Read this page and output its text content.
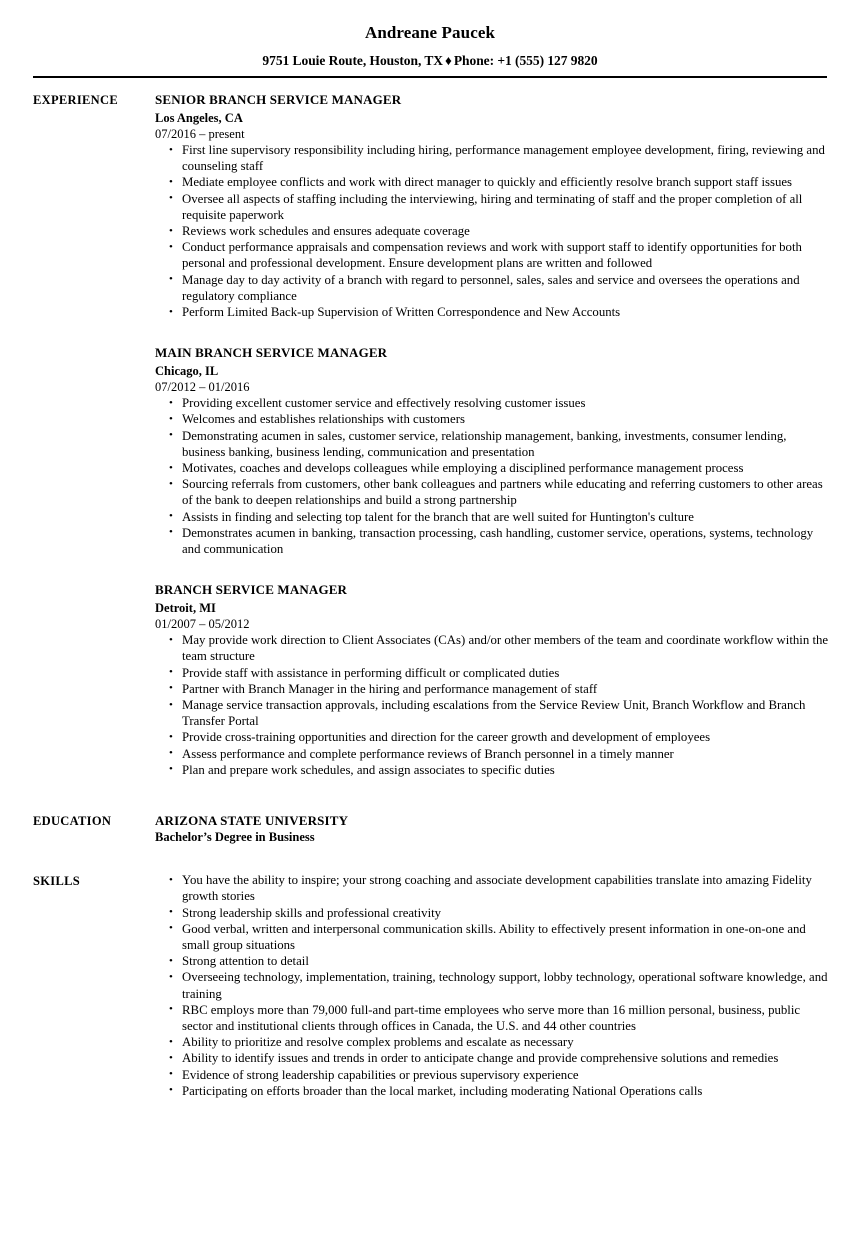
Andreane Paucek
9751 Louie Route, Houston, TX ♦ Phone: +1 (555) 127 9820
EXPERIENCE	SENIOR BRANCH SERVICE MANAGER
Los Angeles, CA
07/2016 – present
• First line supervisory responsibility including hiring, performance management employee development, firing, reviewing and counseling staff
• Mediate employee conflicts and work with direct manager to quickly and efficiently resolve branch support staff issues
• Oversee all aspects of staffing including the interviewing, hiring and terminating of staff and the proper completion of all requisite paperwork
• Reviews work schedules and ensures adequate coverage
• Conduct performance appraisals and compensation reviews and work with support staff to identify opportunities for both personal and professional development. Ensure development plans are written and followed
• Manage day to day activity of a branch with regard to personnel, sales, sales and service and oversees the operations and regulatory compliance
• Perform Limited Back-up Supervision of Written Correspondence and New Accounts
MAIN BRANCH SERVICE MANAGER
Chicago, IL
07/2012 – 01/2016
• Providing excellent customer service and effectively resolving customer issues
• Welcomes and establishes relationships with customers
• Demonstrating acumen in sales, customer service, relationship management, banking, investments, consumer lending, business banking, business lending, communication and presentation
• Motivates, coaches and develops colleagues while employing a disciplined performance management process
• Sourcing referrals from customers, other bank colleagues and partners while educating and referring customers to other areas of the bank to deepen relationships and build a strong partnership
• Assists in finding and selecting top talent for the branch that are well suited for Huntington's culture
• Demonstrates acumen in banking, transaction processing, cash handling, customer service, operations, systems, technology and communication
BRANCH SERVICE MANAGER
Detroit, MI
01/2007 – 05/2012
• May provide work direction to Client Associates (CAs) and/or other members of the team and coordinate workflow within the team structure
• Provide staff with assistance in performing difficult or complicated duties
• Partner with Branch Manager in the hiring and performance management of staff
• Manage service transaction approvals, including escalations from the Service Review Unit, Branch Workflow and Branch Transfer Portal
• Provide cross-training opportunities and direction for the career growth and development of employees
• Assess performance and complete performance reviews of Branch personnel in a timely manner
• Plan and prepare work schedules, and assign associates to specific duties
EDUCATION	ARIZONA STATE UNIVERSITY
Bachelor’s Degree in Business
SKILLS	• You have the ability to inspire; your strong coaching and associate development capabilities translate into amazing Fidelity growth stories
• Strong leadership skills and professional creativity
• Good verbal, written and interpersonal communication skills. Ability to effectively present information in one-on-one and small group situations
• Strong attention to detail
• Overseeing technology, implementation, training, technology support, lobby technology, operational software knowledge, and training
• RBC employs more than 79,000 full-and part-time employees who serve more than 16 million personal, business, public sector and institutional clients through offices in Canada, the U.S. and 44 other countries
• Ability to prioritize and resolve complex problems and escalate as necessary
• Ability to identify issues and trends in order to anticipate change and provide comprehensive solutions and remedies
• Evidence of strong leadership capabilities or previous supervisory experience
• Participating on efforts broader than the local market, including moderating National Operations calls
